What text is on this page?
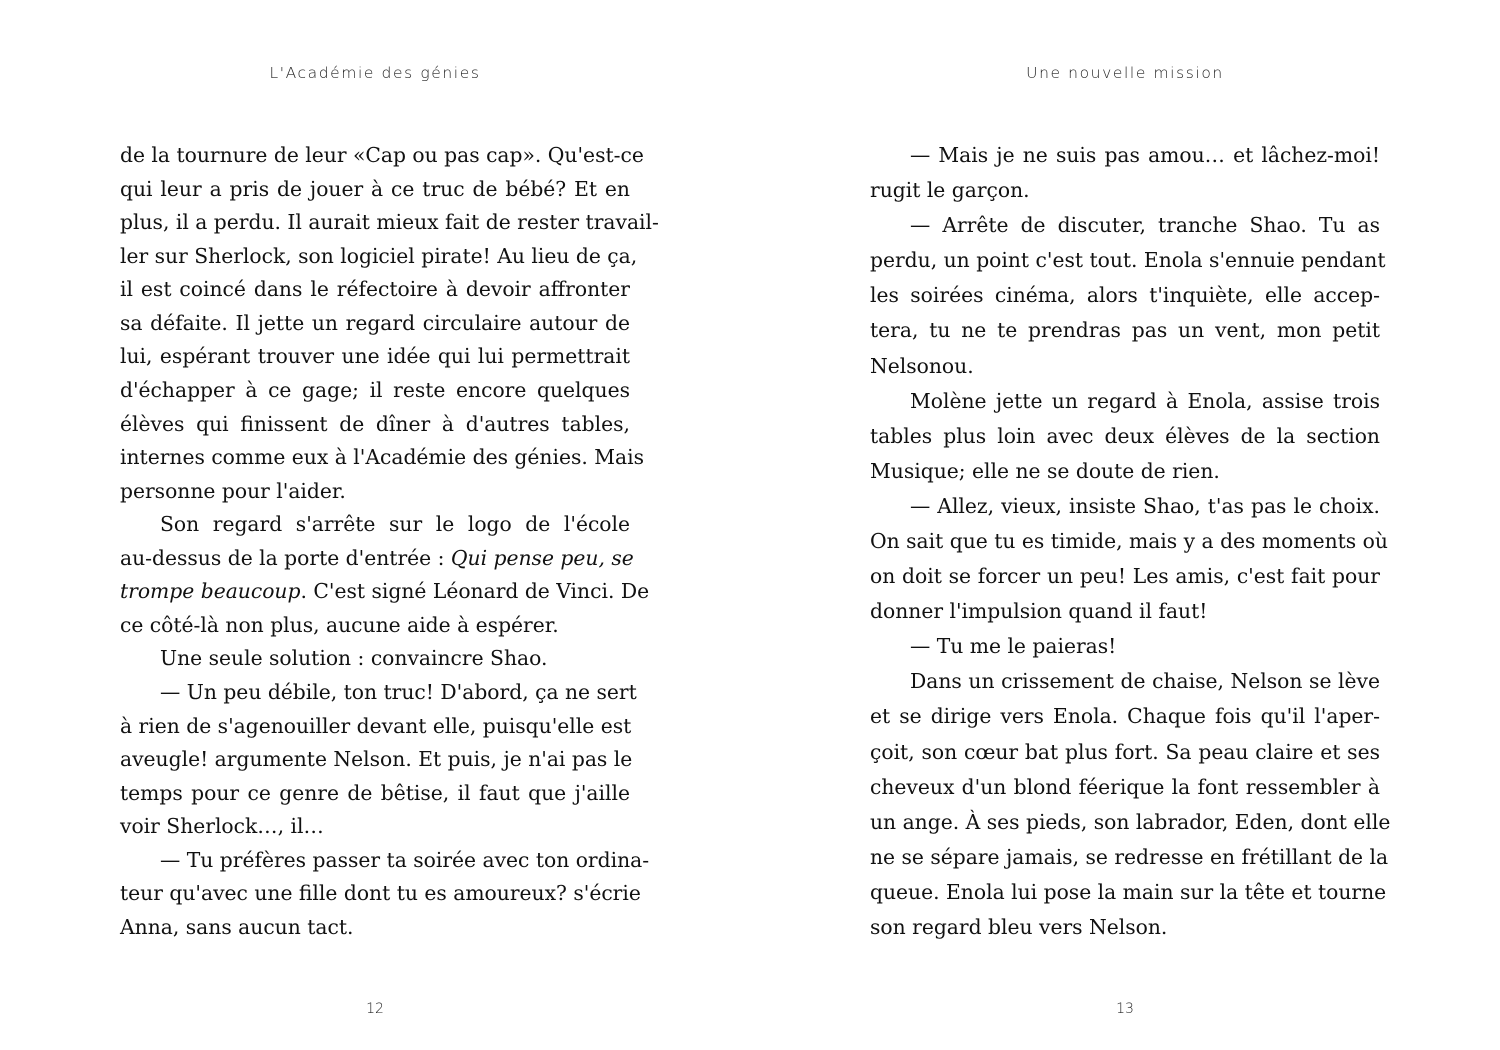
L'Académie des génies
de la tournure de leur «Cap ou pas cap». Qu'est-ce
qui leur a pris de jouer à ce truc de bébé? Et en
plus, il a perdu. Il aurait mieux fait de rester travail-
ler sur Sherlock, son logiciel pirate! Au lieu de ça,
il est coincé dans le réfectoire à devoir affronter
sa défaite. Il jette un regard circulaire autour de
lui, espérant trouver une idée qui lui permettrait
d'échapper à ce gage; il reste encore quelques
élèves qui finissent de dîner à d'autres tables,
internes comme eux à l'Académie des génies. Mais
personne pour l'aider.
Son regard s'arrête sur le logo de l'école
au-dessus de la porte d'entrée : Qui pense peu, se
trompe beaucoup. C'est signé Léonard de Vinci. De
ce côté-là non plus, aucune aide à espérer.
Une seule solution : convaincre Shao.
— Un peu débile, ton truc! D'abord, ça ne sert
à rien de s'agenouiller devant elle, puisqu'elle est
aveugle! argumente Nelson. Et puis, je n'ai pas le
temps pour ce genre de bêtise, il faut que j'aille
voir Sherlock…, il…
— Tu préfères passer ta soirée avec ton ordina-
teur qu'avec une fille dont tu es amoureux? s'écrie
Anna, sans aucun tact.
12
Une nouvelle mission
— Mais je ne suis pas amou… et lâchez-moi!
rugit le garçon.
— Arrête de discuter, tranche Shao. Tu as
perdu, un point c'est tout. Enola s'ennuie pendant
les soirées cinéma, alors t'inquiète, elle accep-
tera, tu ne te prendras pas un vent, mon petit
Nelsonou.
Molène jette un regard à Enola, assise trois
tables plus loin avec deux élèves de la section
Musique; elle ne se doute de rien.
— Allez, vieux, insiste Shao, t'as pas le choix.
On sait que tu es timide, mais y a des moments où
on doit se forcer un peu! Les amis, c'est fait pour
donner l'impulsion quand il faut!
— Tu me le paieras!
Dans un crissement de chaise, Nelson se lève
et se dirige vers Enola. Chaque fois qu'il l'aper-
çoit, son cœur bat plus fort. Sa peau claire et ses
cheveux d'un blond féerique la font ressembler à
un ange. À ses pieds, son labrador, Eden, dont elle
ne se sépare jamais, se redresse en frétillant de la
queue. Enola lui pose la main sur la tête et tourne
son regard bleu vers Nelson.
13
